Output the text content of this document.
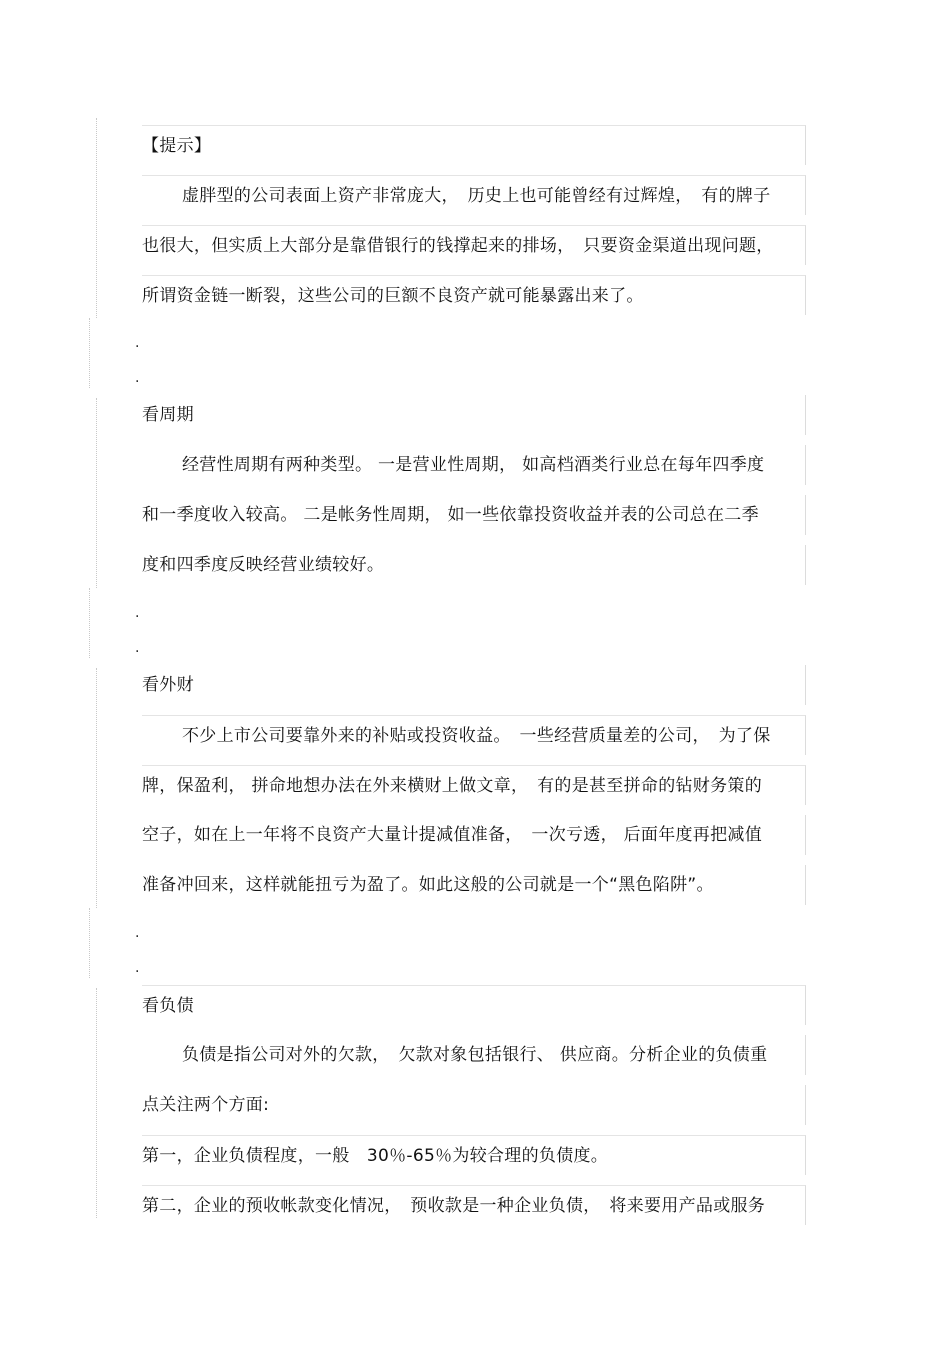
【提示】
虚胖型的公司表面上资产非常庞大，　历史上也可能曾经有过辉煌，　有的牌子
也很大，但实质上大部分是靠借银行的钱撑起来的排场，　只要资金渠道出现问题，
所谓资金链一断裂，这些公司的巨额不良资产就可能暴露出来了。
.
.
看周期
经营性周期有两种类型。 一是营业性周期， 如高档酒类行业总在每年四季度
和一季度收入较高。 二是帐务性周期， 如一些依靠投资收益并表的公司总在二季
度和四季度反映经营业绩较好。
.
.
看外财
不少上市公司要靠外来的补贴或投资收益。　一些经营质量差的公司，　为了保
牌，保盈利， 拼命地想办法在外来横财上做文章，　有的是甚至拼命的钻财务策的
空子，如在上一年将不良资产大量计提减值准备，　一次亏透， 后面年度再把减值
准备冲回来，这样就能扭亏为盈了。如此这般的公司就是一个“黑色陷阱”。
.
.
看负债
负债是指公司对外的欠款，　欠款对象包括银行、 供应商。分析企业的负债重
点关注两个方面:
第一，企业负债程度，一般　30％-65％为较合理的负债度。
第二，企业的预收帐款变化情况，　预收款是一种企业负债，　将来要用产品或服务
